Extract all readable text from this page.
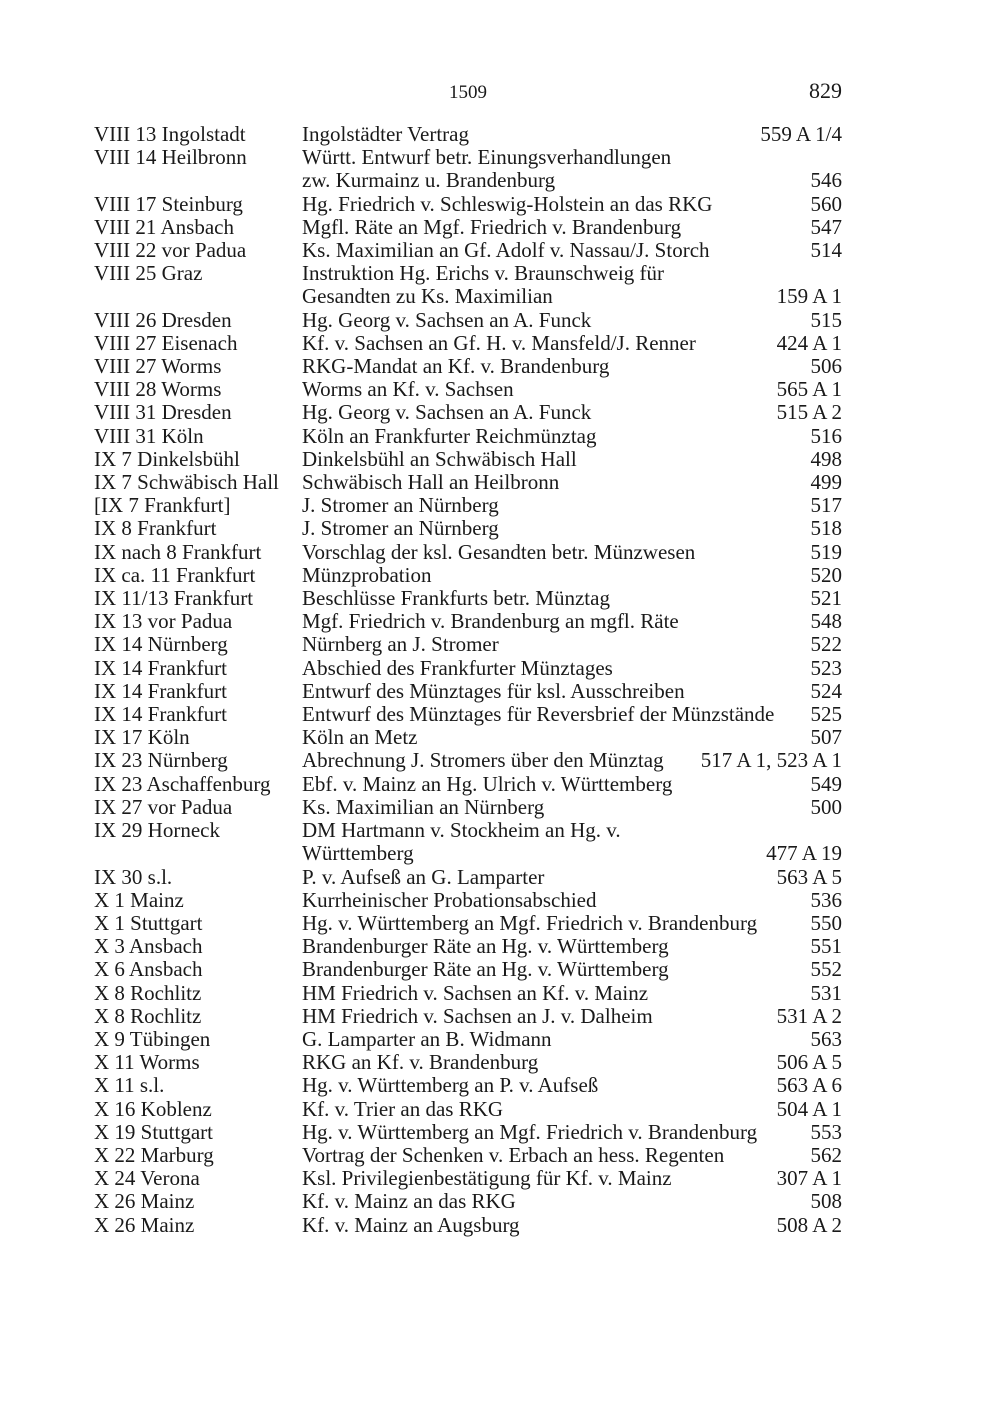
1509	829
VIII 13 Ingolstadt	Ingolstädter Vertrag	559 A 1/4
VIII 14 Heilbronn	Württ. Entwurf betr. Einungsverhandlungen zw. Kurmainz u. Brandenburg	546
VIII 17 Steinburg	Hg. Friedrich v. Schleswig-Holstein an das RKG	560
VIII 21 Ansbach	Mgfl. Räte an Mgf. Friedrich v. Brandenburg	547
VIII 22 vor Padua	Ks. Maximilian an Gf. Adolf v. Nassau/J. Storch	514
VIII 25 Graz	Instruktion Hg. Erichs v. Braunschweig für Gesandten zu Ks. Maximilian	159 A 1
VIII 26 Dresden	Hg. Georg v. Sachsen an A. Funck	515
VIII 27 Eisenach	Kf. v. Sachsen an Gf. H. v. Mansfeld/J. Renner	424 A 1
VIII 27 Worms	RKG-Mandat an Kf. v. Brandenburg	506
VIII 28 Worms	Worms an Kf. v. Sachsen	565 A 1
VIII 31 Dresden	Hg. Georg v. Sachsen an A. Funck	515 A 2
VIII 31 Köln	Köln an Frankfurter Reichmünztag	516
IX 7 Dinkelsbühl	Dinkelsbühl an Schwäbisch Hall	498
IX 7 Schwäbisch Hall	Schwäbisch Hall an Heilbronn	499
[IX 7 Frankfurt]	J. Stromer an Nürnberg	517
IX 8 Frankfurt	J. Stromer an Nürnberg	518
IX nach 8 Frankfurt	Vorschlag der ksl. Gesandten betr. Münzwesen	519
IX ca. 11 Frankfurt	Münzprobation	520
IX 11/13 Frankfurt	Beschlüsse Frankfurts betr. Münztag	521
IX 13 vor Padua	Mgf. Friedrich v. Brandenburg an mgfl. Räte	548
IX 14 Nürnberg	Nürnberg an J. Stromer	522
IX 14 Frankfurt	Abschied des Frankfurter Münztages	523
IX 14 Frankfurt	Entwurf des Münztages für ksl. Ausschreiben	524
IX 14 Frankfurt	Entwurf des Münztages für Reversbrief der Münzstände	525
IX 17 Köln	Köln an Metz	507
IX 23 Nürnberg	Abrechnung J. Stromers über den Münztag	517 A 1, 523 A 1
IX 23 Aschaffenburg	Ebf. v. Mainz an Hg. Ulrich v. Württemberg	549
IX 27 vor Padua	Ks. Maximilian an Nürnberg	500
IX 29 Horneck	DM Hartmann v. Stockheim an Hg. v. Württemberg	477 A 19
IX 30 s.l.	P. v. Aufseß an G. Lamparter	563 A 5
X 1 Mainz	Kurrheinischer Probationsabschied	536
X 1 Stuttgart	Hg. v. Württemberg an Mgf. Friedrich v. Brandenburg	550
X 3 Ansbach	Brandenburger Räte an Hg. v. Württemberg	551
X 6 Ansbach	Brandenburger Räte an Hg. v. Württemberg	552
X 8 Rochlitz	HM Friedrich v. Sachsen an Kf. v. Mainz	531
X 8 Rochlitz	HM Friedrich v. Sachsen an J. v. Dalheim	531 A 2
X 9 Tübingen	G. Lamparter an B. Widmann	563
X 11 Worms	RKG an Kf. v. Brandenburg	506 A 5
X 11 s.l.	Hg. v. Württemberg an P. v. Aufseß	563 A 6
X 16 Koblenz	Kf. v. Trier an das RKG	504 A 1
X 19 Stuttgart	Hg. v. Württemberg an Mgf. Friedrich v. Brandenburg	553
X 22 Marburg	Vortrag der Schenken v. Erbach an hess. Regenten	562
X 24 Verona	Ksl. Privilegienbestätigung für Kf. v. Mainz	307 A 1
X 26 Mainz	Kf. v. Mainz an das RKG	508
X 26 Mainz	Kf. v. Mainz an Augsburg	508 A 2
